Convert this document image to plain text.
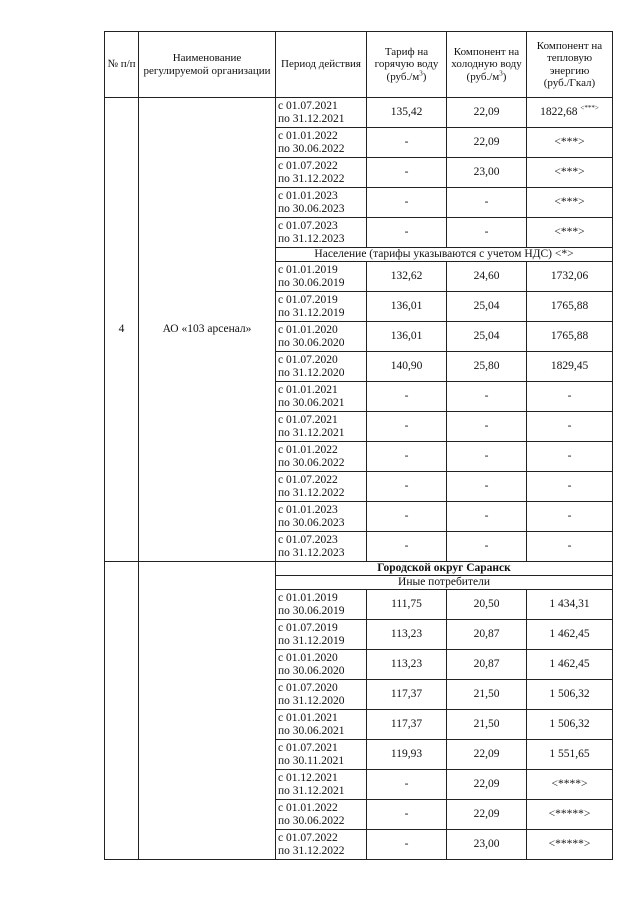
№ п/п	Наименование регулируемой организации	Период действия	Тариф на горячую воду
$(руб./м^3)$	Компонент на холодную воду
$(руб./м^3)$	Компонент на тепловую энергию
(руб./Гкал)
4	АО «103 арсенал»	с 01.07.2021
по 31.12.2021	135,42	22,09	1822,68 <***>
		с 01.01.2022
по 30.06.2022	-	22,09	<***>
		с 01.07.2022
по 31.12.2022	-	23,00	<***>
		с 01.01.2023
по 30.06.2023	-	-	<***>
		с 01.07.2023
по 31.12.2023	-	-	<***>
		Население (тарифы указываются с учетом НДС) <*>			
		с 01.01.2019
по 30.06.2019	132,62	24,60	1732,06
		с 01.07.2019
по 31.12.2019	136,01	25,04	1765,88
		с 01.01.2020
по 30.06.2020	136,01	25,04	1765,88
		с 01.07.2020
по 31.12.2020	140,90	25,80	1829,45
		с 01.01.2021
по 30.06.2021	-	-	-
		с 01.07.2021
по 31.12.2021	-	-	-
		с 01.01.2022
по 30.06.2022	-	-	-
		с 01.07.2022
по 31.12.2022	-	-	-
		с 01.01.2023
по 30.06.2023	-	-	-
		с 01.07.2023
по 31.12.2023	-	-	-
		Городской округ Саранск			
		Иные потребители			
		с 01.01.2019
по 30.06.2019	111,75	20,50	1 434,31
		с 01.07.2019
по 31.12.2019	113,23	20,87	1 462,45
		с 01.01.2020
по 30.06.2020	113,23	20,87	1 462,45
		с 01.07.2020
по 31.12.2020	117,37	21,50	1 506,32
		с 01.01.2021
по 30.06.2021	117,37	21,50	1 506,32
		с 01.07.2021
по 30.11.2021	119,93	22,09	1 551,65
		с 01.12.2021
по 31.12.2021	-	22,09	<****>
		с 01.01.2022
по 30.06.2022	-	22,09	<*****>
		с 01.07.2022
по 31.12.2022	-	23,00	<*****>
